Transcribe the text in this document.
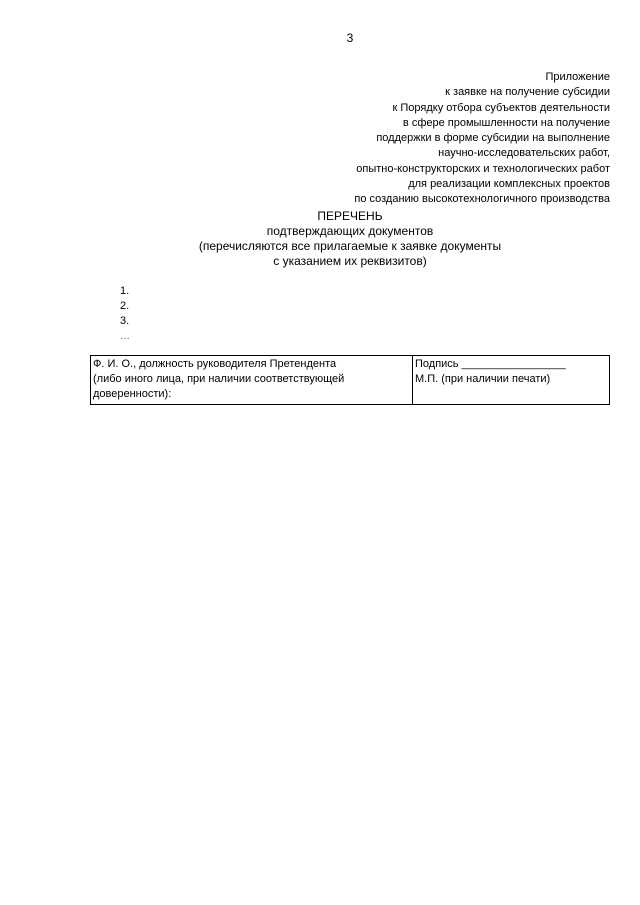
3
Приложение
к заявке на получение субсидии
к Порядку отбора субъектов деятельности
в сфере промышленности на получение
поддержки в форме субсидии на выполнение
научно-исследовательских работ,
опытно-конструкторских и технологических работ
для реализации комплексных проектов
по созданию высокотехнологичного производства
ПЕРЕЧЕНЬ
подтверждающих документов
(перечисляются все прилагаемые к заявке документы
с указанием их реквизитов)
1.
2.
3.
…
Ф. И. О., должность руководителя Претендента
(либо иного лица, при наличии соответствующей
доверенности):

Подпись _________________
М.П. (при наличии печати)
